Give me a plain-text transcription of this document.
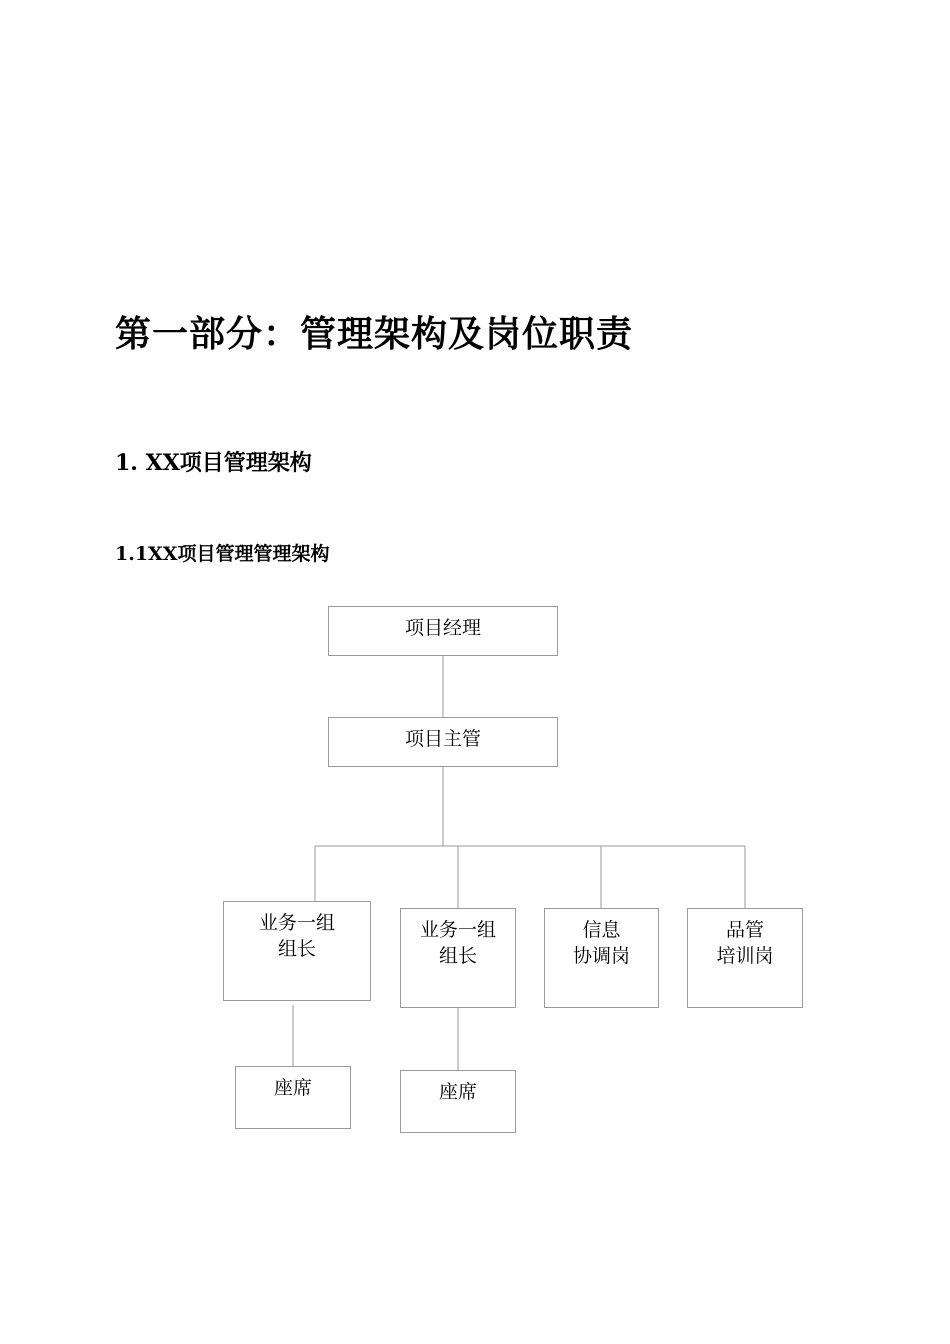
第一部分：管理架构及岗位职责
1. XX项目管理架构
1.1XX项目管理管理架构
项目经理
项目主管
业务一组
组长
业务一组
组长
信息
协调岗
品管
培训岗
座席	座席
